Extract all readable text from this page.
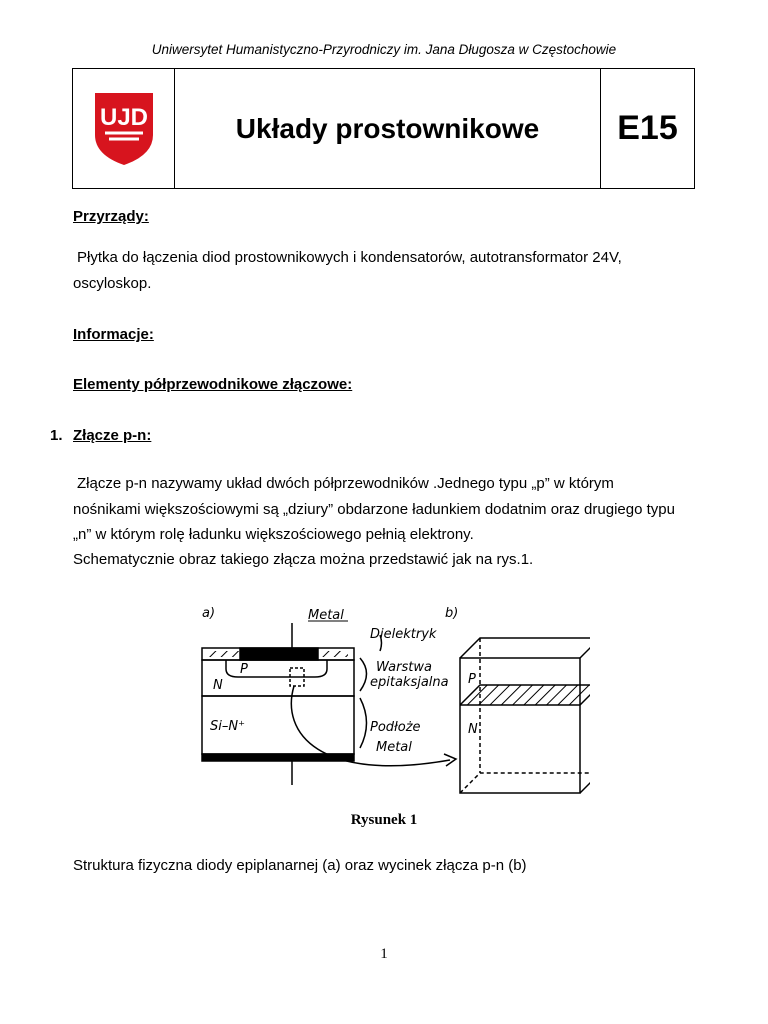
Uniwersytet Humanistyczno-Przyrodniczy im. Jana Długosza w Częstochowie
UJD	Układy prostownikowe	E15
Przyrządy:
Płytka do łączenia diod prostownikowych i kondensatorów, autotransformator 24V,
oscyloskop.
Informacje:
Elementy półprzewodnikowe złączowe:
1. Złącze p-n:
Złącze p-n nazywamy układ dwóch półprzewodników .Jednego typu „p” w którym
nośnikami większościowymi są „dziury” obdarzone ładunkiem dodatnim oraz drugiego typu
„n” w którym rolę ładunku większościowego pełnią elektrony.
Schematycznie obraz takiego złącza można przedstawić jak na rys.1.
a)	b)
Metal
Dielektryk
P
N
Warstwa
epitaksjalna
Si–N⁺	Podłoże
Metal
P
N
Rysunek 1
Struktura fizyczna diody epiplanarnej (a) oraz wycinek złącza p-n (b)
1
